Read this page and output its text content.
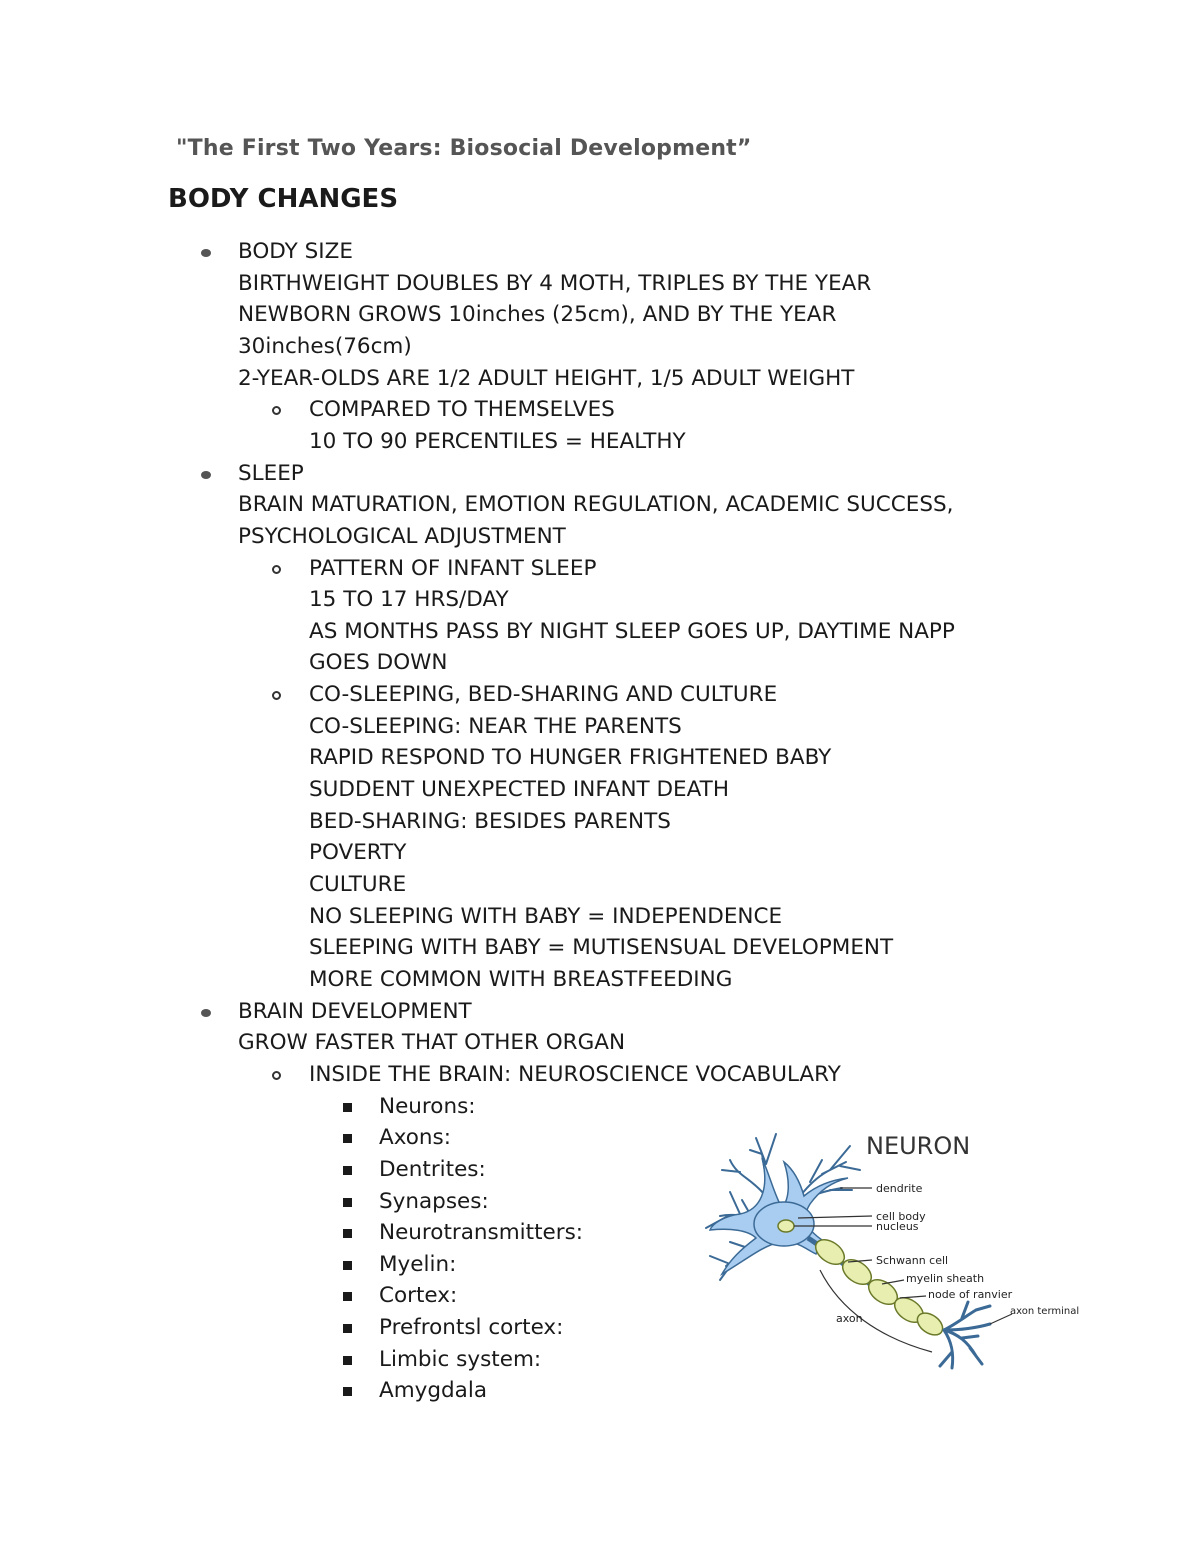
"The First Two Years: Biosocial Development”
BODY CHANGES
BODY SIZE
BIRTHWEIGHT DOUBLES BY 4 MOTH, TRIPLES BY THE YEAR
NEWBORN GROWS 10inches (25cm), AND BY THE YEAR
30inches(76cm)
2-YEAR-OLDS ARE 1/2 ADULT HEIGHT, 1/5 ADULT WEIGHT
COMPARED TO THEMSELVES
10 TO 90 PERCENTILES = HEALTHY
SLEEP
BRAIN MATURATION, EMOTION REGULATION, ACADEMIC SUCCESS,
PSYCHOLOGICAL ADJUSTMENT
PATTERN OF INFANT SLEEP
15 TO 17 HRS/DAY
AS MONTHS PASS BY NIGHT SLEEP GOES UP, DAYTIME NAPP
GOES DOWN
CO-SLEEPING, BED-SHARING AND CULTURE
CO-SLEEPING: NEAR THE PARENTS
RAPID RESPOND TO HUNGER FRIGHTENED BABY
SUDDENT UNEXPECTED INFANT DEATH
BED-SHARING: BESIDES PARENTS
POVERTY
CULTURE
NO SLEEPING WITH BABY = INDEPENDENCE
SLEEPING WITH BABY = MUTISENSUAL DEVELOPMENT
MORE COMMON WITH BREASTFEEDING
BRAIN DEVELOPMENT
GROW FASTER THAT OTHER ORGAN
INSIDE THE BRAIN: NEUROSCIENCE VOCABULARY
Neurons:
Axons:
Dentrites:
Synapses:
Neurotransmitters:
Myelin:
Cortex:
Prefrontsl cortex:
Limbic system:
Amygdala
NEURON
dendrite
cell body
nucleus
Schwann cell
myelin sheath
node of ranvier
axon terminal
axon
